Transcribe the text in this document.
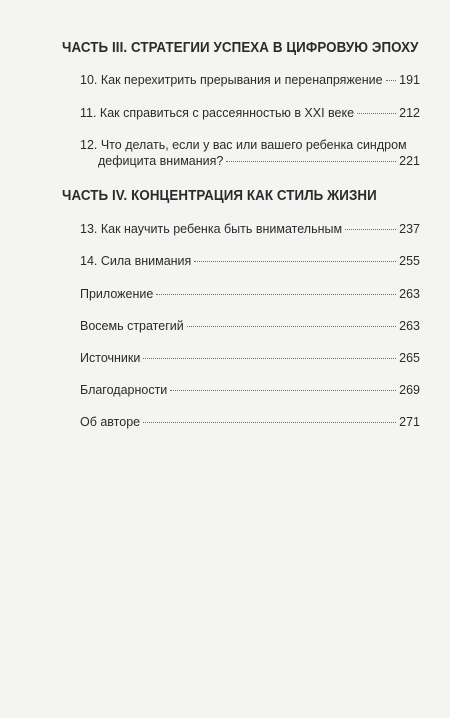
ЧАСТЬ III. СТРАТЕГИИ УСПЕХА В ЦИФРОВУЮ ЭПОХУ
10. Как перехитрить прерывания и перенапряжение 191
11. Как справиться с рассеянностью в XXI веке	212
12. Что делать, если у вас или вашего ребенка синдром
дефицита внимания?	221
ЧАСТЬ IV. КОНЦЕНТРАЦИЯ КАК СТИЛЬ ЖИЗНИ
13. Как научить ребенка быть внимательным	237
14. Сила внимания	255
Приложение	263
Восемь стратегий	263
Источники	265
Благодарности	269
Об авторе	271
